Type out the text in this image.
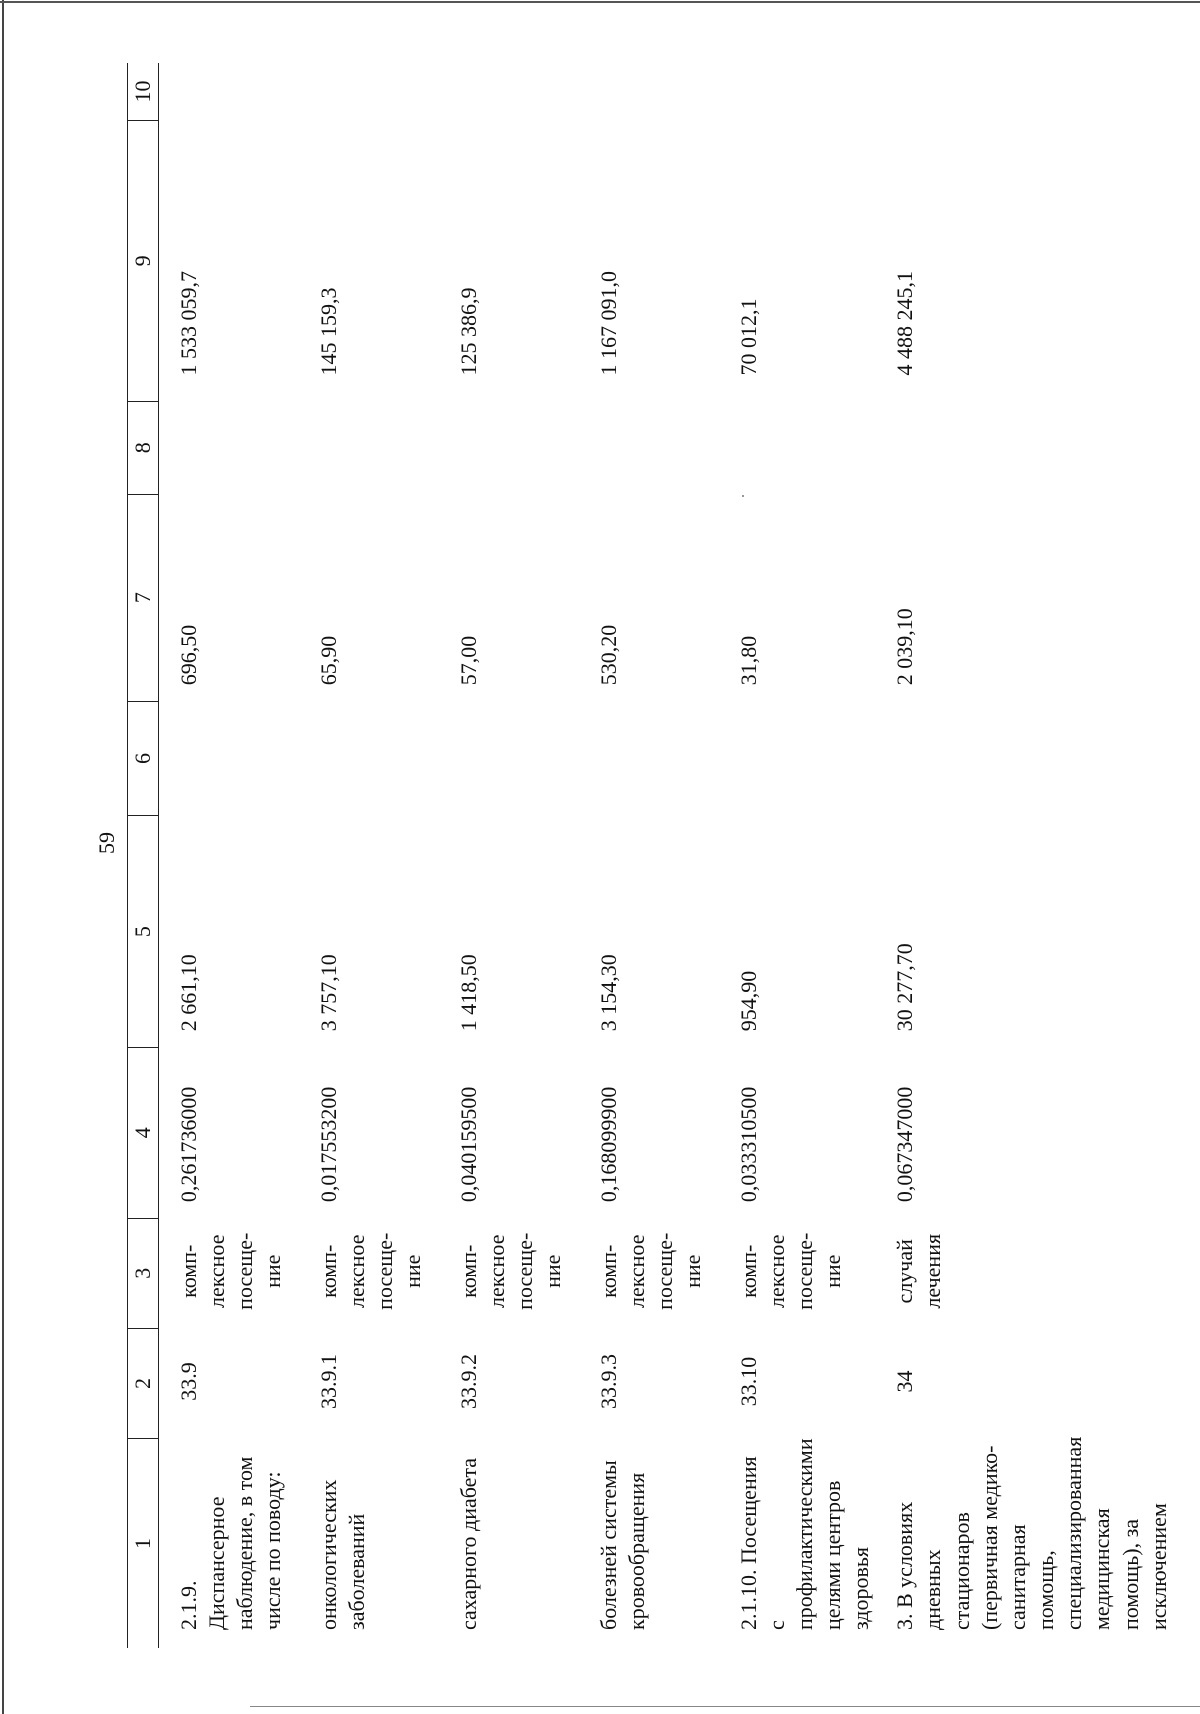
59
1	2	3	4	5	6	7	8	9	10
2.1.9. Диспансерное наблюдение, в том числе по поводу:	33.9	комп-лексное посеще-ние	0,261736000	2 661,10		696,50		1 533 059,7	
онкологических заболеваний	33.9.1	комп-лексное посеще-ние	0,017553200	3 757,10		65,90		145 159,3	
сахарного диабета	33.9.2	комп-лексное посеще-ние	0,040159500	1 418,50		57,00		125 386,9	
болезней системы кровообращения	33.9.3	комп-лексное посеще-ние	0,168099900	3 154,30		530,20		1 167 091,0	
2.1.10. Посещения с профилактическими целями центров здоровья	33.10	комп-лексное посеще-ние	0,033310500	954,90		31,80		70 012,1	
3. В условиях дневных стационаров (первичная медико-санитарная помощь, специализированная медицинская помощь), за исключением	34	случай лечения	0,067347000	30 277,70		2 039,10		4 488 245,1	
